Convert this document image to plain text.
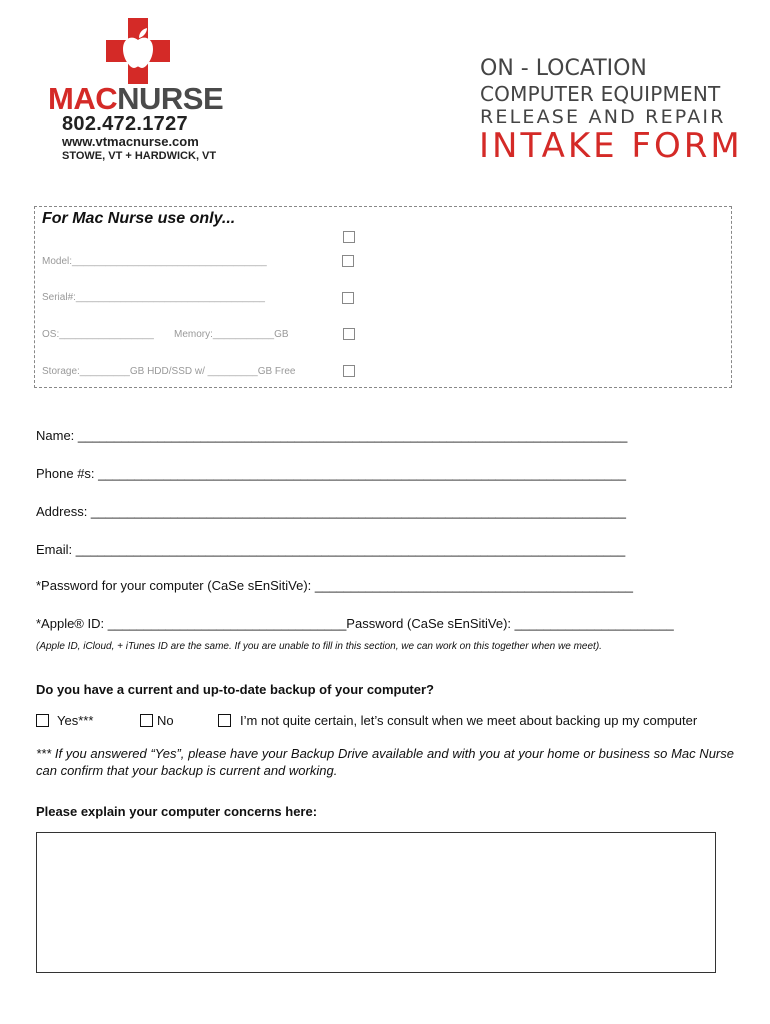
MACNURSE
802.472.1727
www.vtmacnurse.com
STOWE, VT + HARDWICK, VT
ON - LOCATION
COMPUTER EQUIPMENT
RELEASE AND REPAIR
INTAKE FORM
For Mac Nurse use only...
Model:___________________________________
Serial#:__________________________________
OS:_________________ Memory:___________GB
Storage:_________GB HDD/SSD w/ _________GB Free
Name: ____________________________________________________________________________
Phone #s: _________________________________________________________________________
Address: __________________________________________________________________________
Email: ____________________________________________________________________________
*Password for your computer (CaSe sEnSitiVe): ____________________________________________
*Apple® ID: _________________________________Password (CaSe sEnSitiVe): ______________________
(Apple ID, iCloud, + iTunes ID are the same. If you are unable to fill in this section, we can work on this together when we meet).
Do you have a current and up-to-date backup of your computer?
Yes***	No	I’m not quite certain, let’s consult when we meet about backing up my computer
*** If you answered “Yes”, please have your Backup Drive available and with you at your home or business so Mac Nurse can confirm that your backup is current and working.
Please explain your computer concerns here:
